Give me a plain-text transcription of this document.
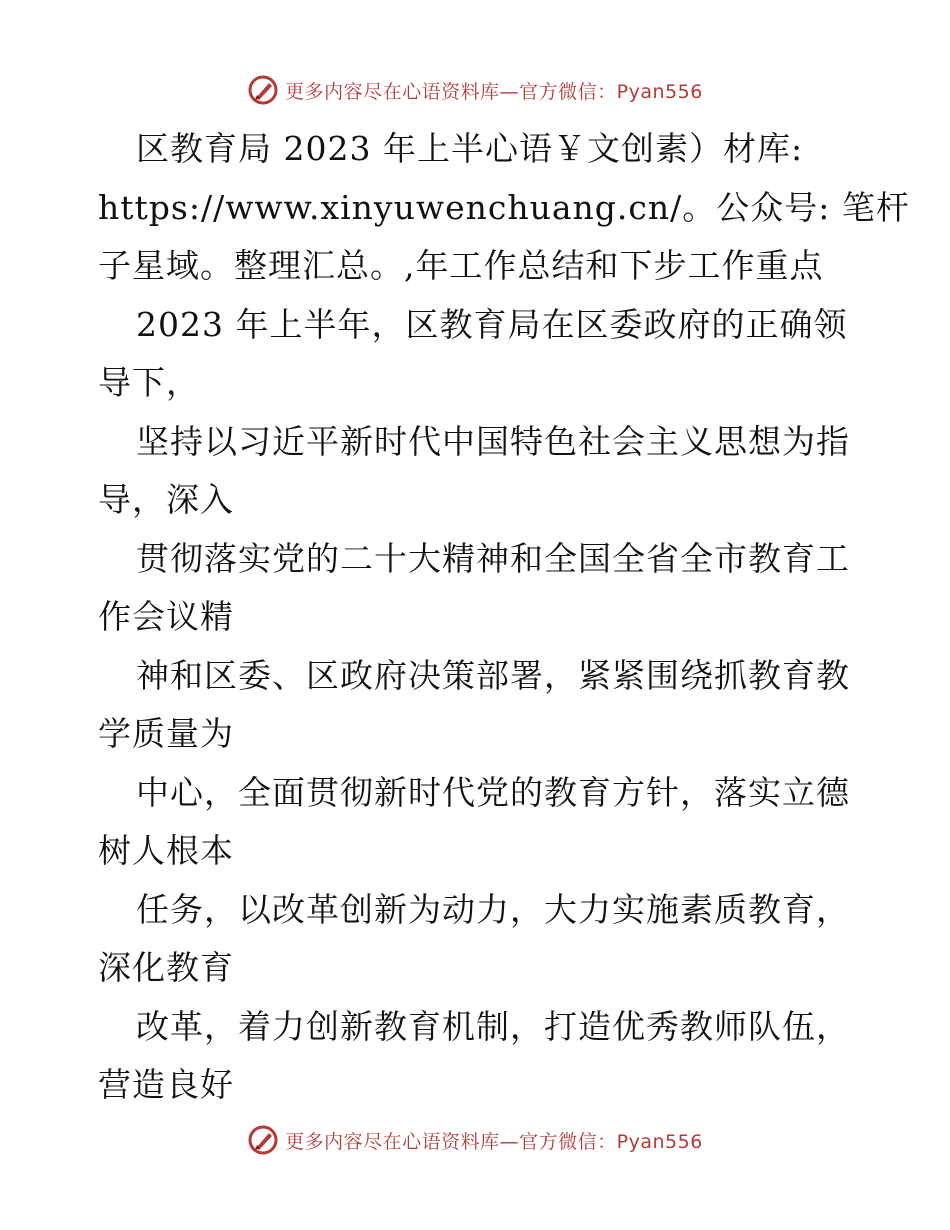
更多内容尽在心语资料库—官方微信：Pyan556
区教育局 2023 年上半心语￥文创素）材库:
https://www.xinyuwenchuang.cn/。公众号: 笔杆
子星域。整理汇总。,年工作总结和下步工作重点
2023 年上半年，区教育局在区委政府的正确领
导下，
坚持以习近平新时代中国特色社会主义思想为指
导，深入
贯彻落实党的二十大精神和全国全省全市教育工
作会议精
神和区委、区政府决策部署，紧紧围绕抓教育教
学质量为
中心，全面贯彻新时代党的教育方针，落实立德
树人根本
任务，以改革创新为动力，大力实施素质教育，
深化教育
改革，着力创新教育机制，打造优秀教师队伍，
营造良好
更多内容尽在心语资料库—官方微信：Pyan556
